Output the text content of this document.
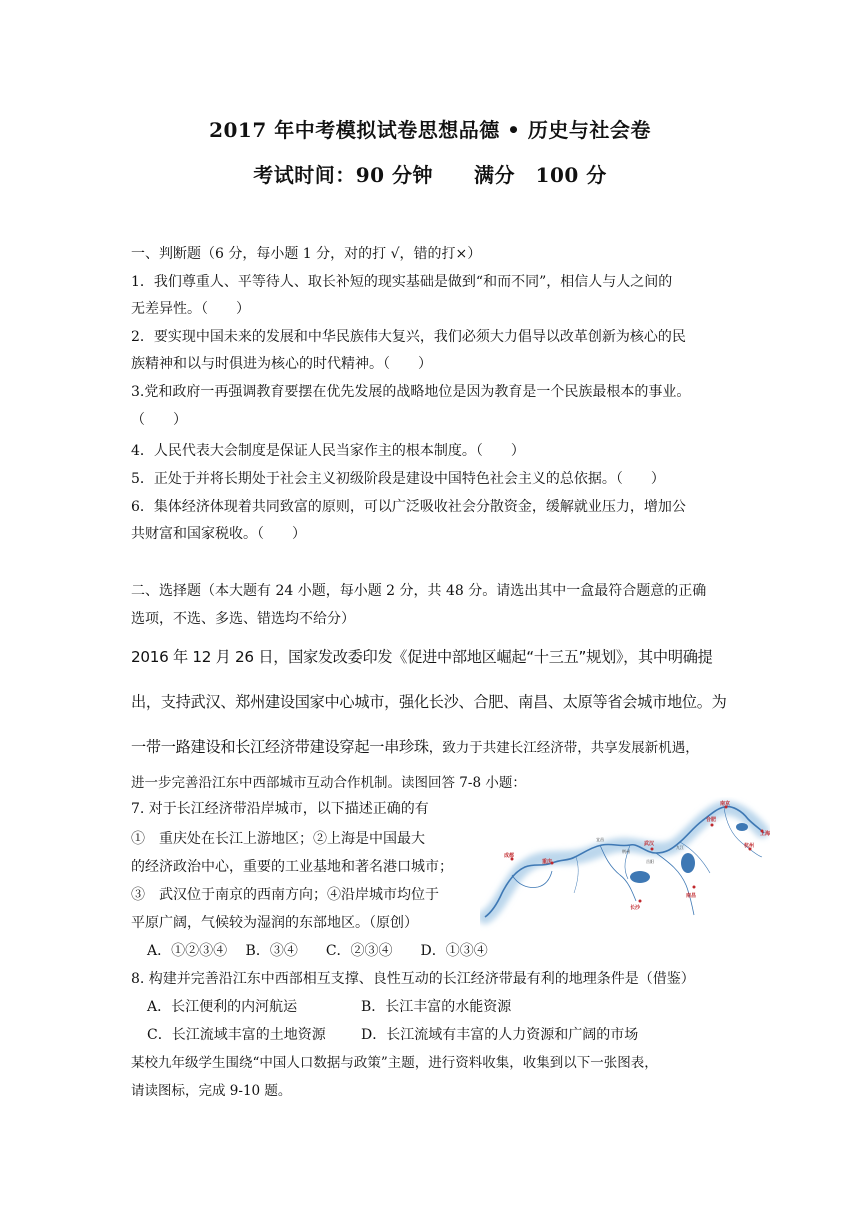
2017 年中考模拟试卷思想品德 • 历史与社会卷
考试时间：90 分钟　　满分　100 分
一、判断题（6 分，每小题 1 分，对的打 √，错的打×）
1．我们尊重人、平等待人、取长补短的现实基础是做到“和而不同”，相信人与人之间的
无差异性。（　　）
2．要实现中国未来的发展和中华民族伟大复兴，我们必须大力倡导以改革创新为核心的民
族精神和以与时俱进为核心的时代精神。（　　）
3.党和政府一再强调教育要摆在优先发展的战略地位是因为教育是一个民族最根本的事业。
（　　）
4．人民代表大会制度是保证人民当家作主的根本制度。（　　）
5．正处于并将长期处于社会主义初级阶段是建设中国特色社会主义的总依据。（　　）
6．集体经济体现着共同致富的原则，可以广泛吸收社会分散资金，缓解就业压力，增加公
共财富和国家税收。（　　）
二、选择题（本大题有 24 小题，每小题 2 分，共 48 分。请选出其中一盒最符合题意的正确
选项，不选、多选、错选均不给分）
2016 年 12 月 26 日，国家发改委印发《促进中部地区崛起“十三五”规划》，其中明确提
出，支持武汉、郑州建设国家中心城市，强化长沙、合肥、南昌、太原等省会城市地位。为
一带一路建设和长江经济带建设穿起一串珍珠，致力于共建长江经济带，共享发展新机遇，
进一步完善沿江东中西部城市互动合作机制。读图回答 7-8 小题：
7. 对于长江经济带沿岸城市，以下描述正确的有
①　重庆处在长江上游地区；②上海是中国最大
的经济政治中心，重要的工业基地和著名港口城市；
③　武汉位于南京的西南方向；④沿岸城市均位于
平原广阔，气候较为湿润的东部地区。（原创）
A．①②③④　 B．③④　　C．②③④　　D．①③④
8. 构建并完善沿江东中西部相互支撑、良性互动的长江经济带最有利的地理条件是（借鉴）
A．长江便利的内河航运	B．长江丰富的水能资源
C．长江流域丰富的土地资源	D．长江流域有丰富的人力资源和广阔的市场
某校九年级学生围绕“中国人口数据与政策”主题，进行资料收集，收集到以下一张图表，
请读图标，完成 9-10 题。
南京
合肥
上海
杭州
成都
重庆
武汉
长沙
南昌
宜昌
荆州
岳阳
九江
